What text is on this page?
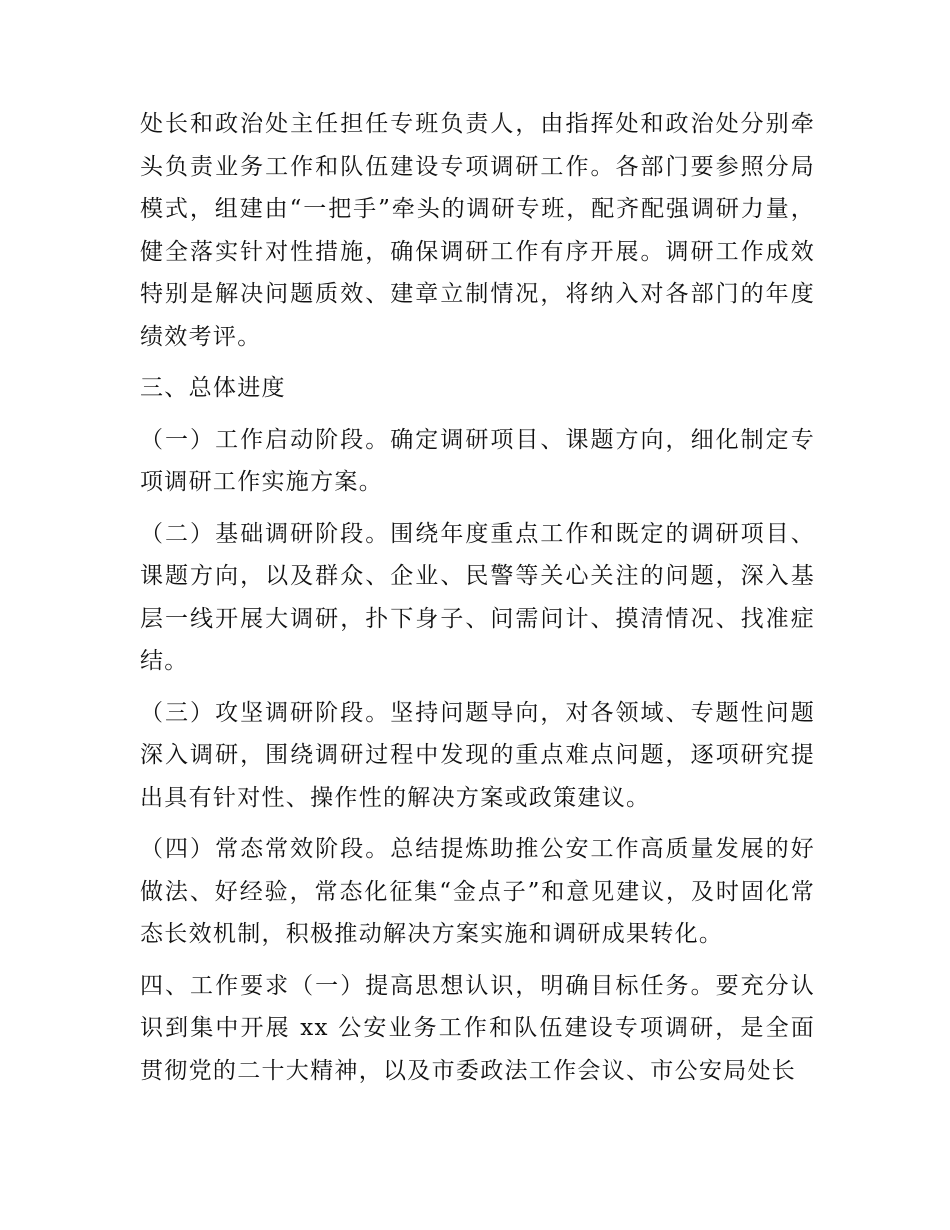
处长和政治处主任担任专班负责人，由指挥处和政治处分别牵头负责业务工作和队伍建设专项调研工作。各部门要参照分局模式，组建由“一把手”牵头的调研专班，配齐配强调研力量，健全落实针对性措施，确保调研工作有序开展。调研工作成效特别是解决问题质效、建章立制情况，将纳入对各部门的年度绩效考评。

三、总体进度

（一）工作启动阶段。确定调研项目、课题方向，细化制定专项调研工作实施方案。

（二）基础调研阶段。围绕年度重点工作和既定的调研项目、课题方向，以及群众、企业、民警等关心关注的问题，深入基层一线开展大调研，扑下身子、问需问计、摸清情况、找准症结。

（三）攻坚调研阶段。坚持问题导向，对各领域、专题性问题深入调研，围绕调研过程中发现的重点难点问题，逐项研究提出具有针对性、操作性的解决方案或政策建议。

（四）常态常效阶段。总结提炼助推公安工作高质量发展的好做法、好经验，常态化征集“金点子”和意见建议，及时固化常态长效机制，积极推动解决方案实施和调研成果转化。

四、工作要求（一）提高思想认识，明确目标任务。要充分认识到集中开展 xx 公安业务工作和队伍建设专项调研，是全面贯彻党的二十大精神，以及市委政法工作会议、市公安局处长
